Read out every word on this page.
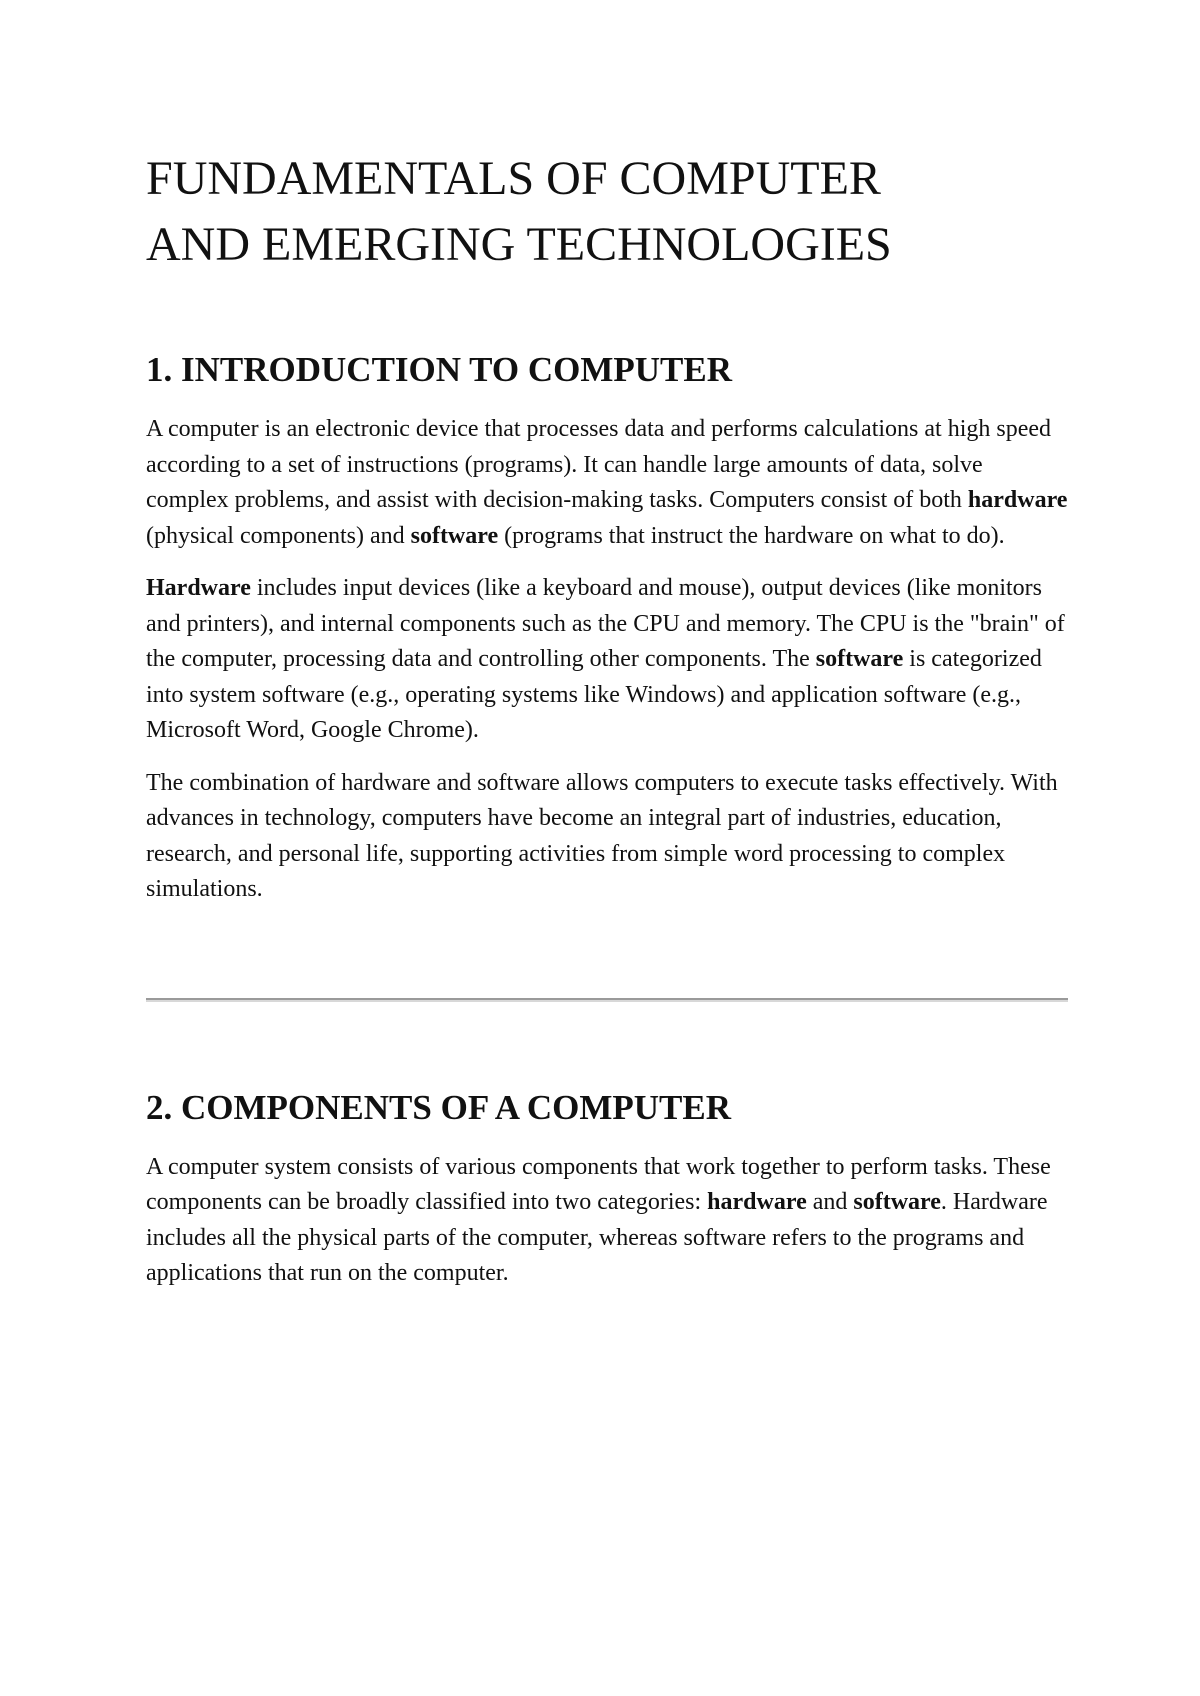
FUNDAMENTALS OF COMPUTER
AND EMERGING TECHNOLOGIES
1. INTRODUCTION TO COMPUTER

A computer is an electronic device that processes data and performs calculations at high speed according to a set of instructions (programs). It can handle large amounts of data, solve complex problems, and assist with decision-making tasks. Computers consist of both hardware (physical components) and software (programs that instruct the hardware on what to do).

Hardware includes input devices (like a keyboard and mouse), output devices (like monitors and printers), and internal components such as the CPU and memory. The CPU is the "brain" of the computer, processing data and controlling other components. The software is categorized into system software (e.g., operating systems like Windows) and application software (e.g., Microsoft Word, Google Chrome).

The combination of hardware and software allows computers to execute tasks effectively. With advances in technology, computers have become an integral part of industries, education, research, and personal life, supporting activities from simple word processing to complex simulations.

2. COMPONENTS OF A COMPUTER

A computer system consists of various components that work together to perform tasks. These components can be broadly classified into two categories: hardware and software. Hardware includes all the physical parts of the computer, whereas software refers to the programs and applications that run on the computer.
